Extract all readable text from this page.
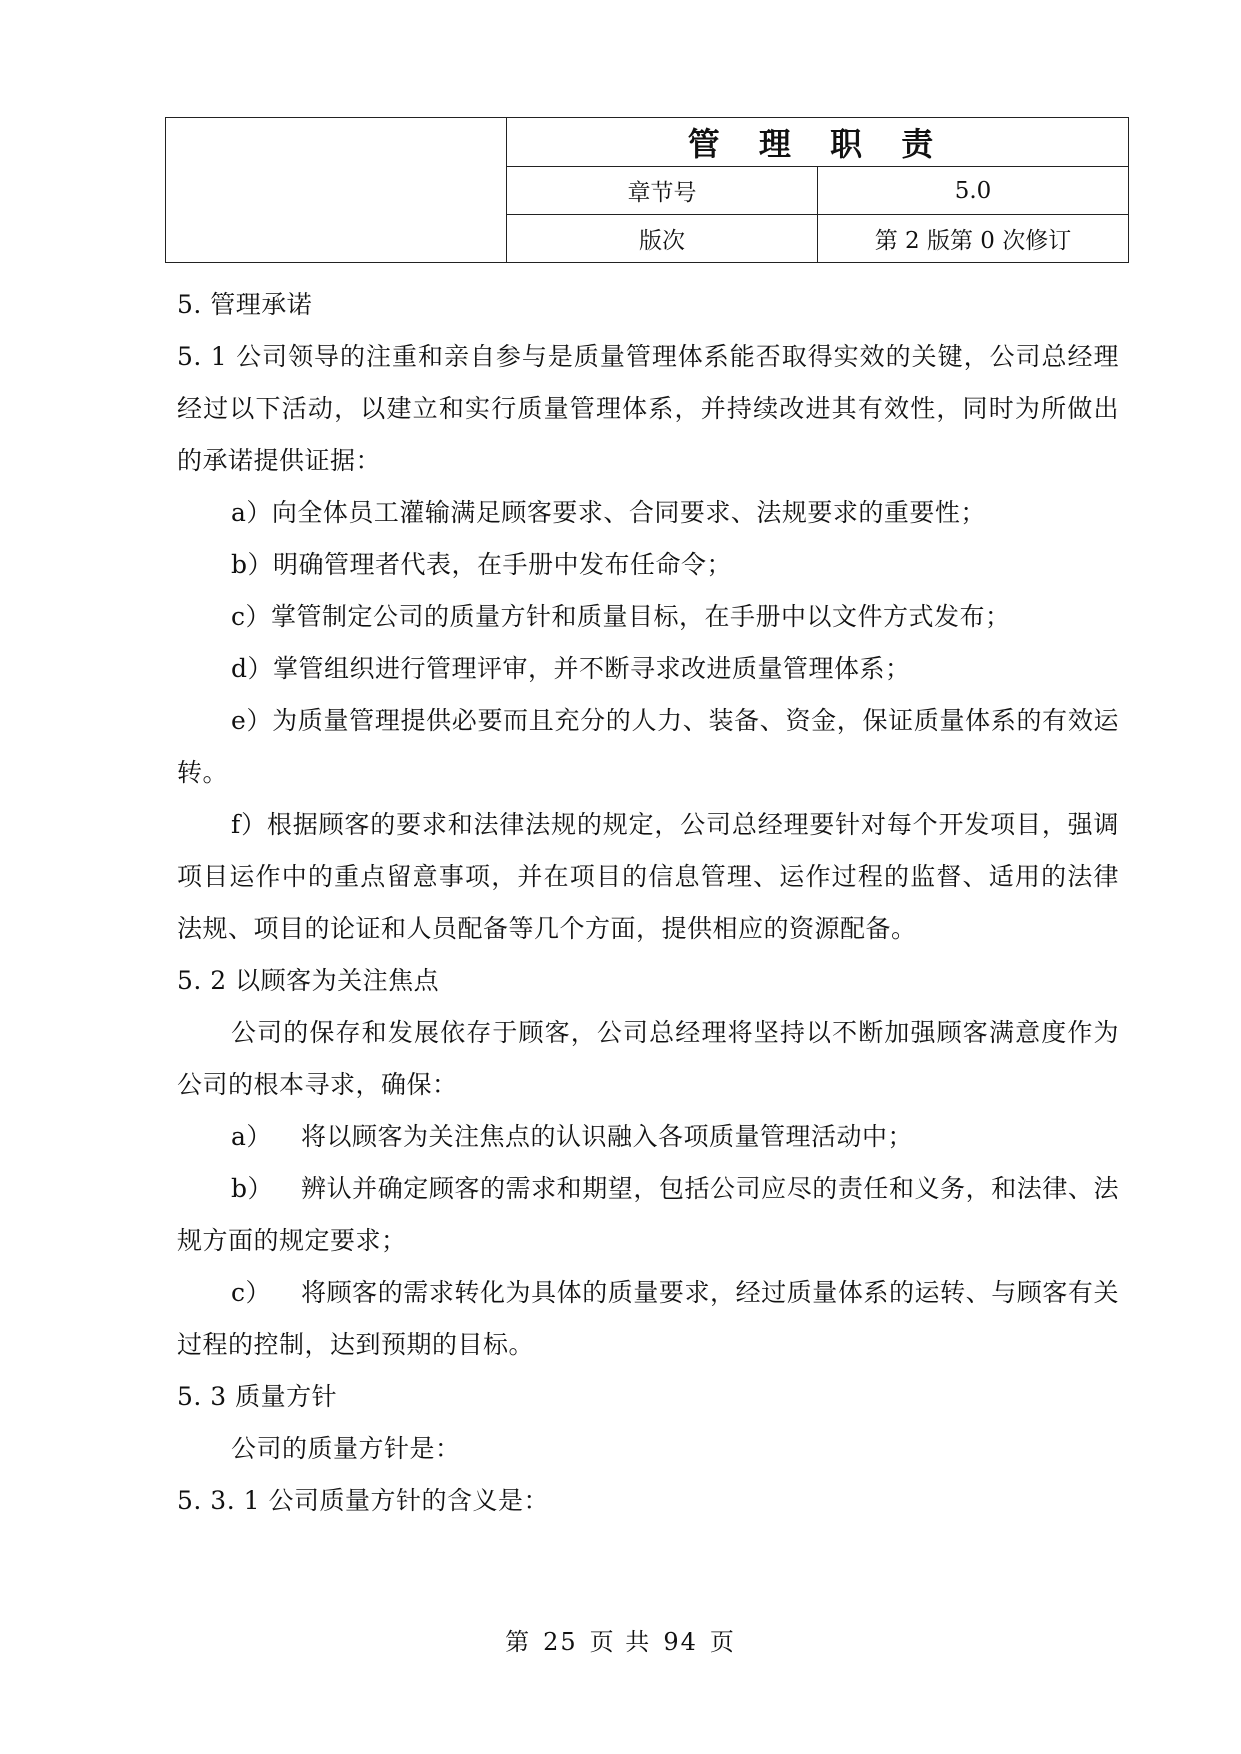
	管 理 职 责	
	章节号	5.0
	版次	第 2 版第 0 次修订

5. 管理承诺

5. 1 公司领导的注重和亲自参与是质量管理体系能否取得实效的关键，公司总经理经过以下活动，以建立和实行质量管理体系，并持续改进其有效性，同时为所做出的承诺提供证据：

a）向全体员工灌输满足顾客要求、合同要求、法规要求的重要性；

b）明确管理者代表，在手册中发布任命令；

c）掌管制定公司的质量方针和质量目标，在手册中以文件方式发布；

d）掌管组织进行管理评审，并不断寻求改进质量管理体系；

e）为质量管理提供必要而且充分的人力、装备、资金，保证质量体系的有效运转。

f）根据顾客的要求和法律法规的规定，公司总经理要针对每个开发项目，强调项目运作中的重点留意事项，并在项目的信息管理、运作过程的监督、适用的法律法规、项目的论证和人员配备等几个方面，提供相应的资源配备。

5. 2 以顾客为关注焦点

公司的保存和发展依存于顾客，公司总经理将坚持以不断加强顾客满意度作为公司的根本寻求，确保：

a） 将以顾客为关注焦点的认识融入各项质量管理活动中；

b） 辨认并确定顾客的需求和期望，包括公司应尽的责任和义务，和法律、法规方面的规定要求；

c） 将顾客的需求转化为具体的质量要求，经过质量体系的运转、与顾客有关过程的控制，达到预期的目标。

5. 3 质量方针

公司的质量方针是：

5. 3. 1 公司质量方针的含义是：

第 25 页 共 94 页
